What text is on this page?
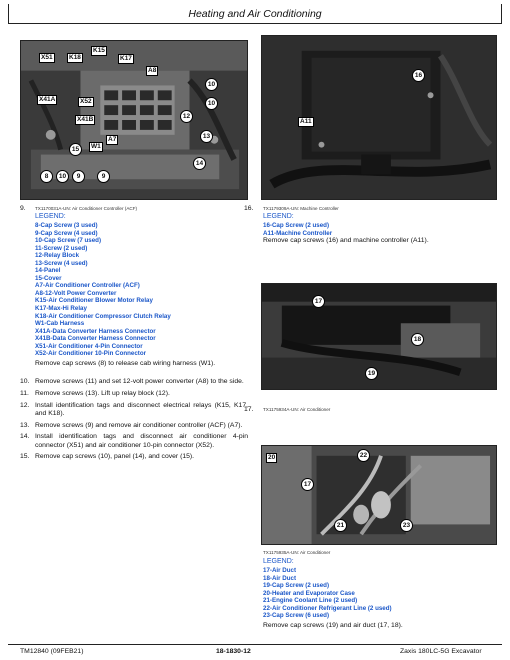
Heating and Air Conditioning
X51	K18
K15
K17
A8
X41A	X52
X41B
A7
W1
10
10
12
13
14
15
8	10	9	9
16
A11
17
18
19
20
17
22
21	23
9. TX1170031A-UN: Air Conditioner Controller (ACF)
LEGEND:
8-Cap Screw (3 used)
9-Cap Screw (4 used)
10-Cap Screw (7 used)
11-Screw (2 used)
12-Relay Block
13-Screw (4 used)
14-Panel
15-Cover
A7-Air Conditioner Controller (ACF)
A8-12-Volt Power Converter
K15-Air Conditioner Blower Motor Relay
K17-Max-Hi Relay
K18-Air Conditioner Compressor Clutch Relay
W1-Cab Harness
X41A-Data Converter Harness Connector
X41B-Data Converter Harness Connector
X51-Air Conditioner 4-Pin Connector
X52-Air Conditioner 10-Pin Connector
Remove cap screws (8) to release cab wiring harness (W1).
10. Remove screws (11) and set 12-volt power converter (A8) to the side.
11. Remove screws (13). Lift up relay block (12).
12. Install identification tags and disconnect electrical relays (K15, K17, and K18).
13. Remove screws (9) and remove air conditioner controller (ACF) (A7).
14. Install identification tags and disconnect air conditioner 4-pin connector (X51) and air conditioner 10-pin connector (X52).
15. Remove cap screws (10), panel (14), and cover (15).
16. TX1179309A-UN: Machine Controller
LEGEND:
16-Cap Screw (2 used)
A11-Machine Controller
Remove cap screws (16) and machine controller (A11).
17. TX1175934A-UN: Air Conditioner
TX1175935A-UN: Air Conditioner
LEGEND:
17-Air Duct
18-Air Duct
19-Cap Screw (2 used)
20-Heater and Evaporator Case
21-Engine Coolant Line (2 used)
22-Air Conditioner Refrigerant Line (2 used)
23-Cap Screw (6 used)
Remove cap screws (19) and air duct (17, 18).
TM12840 (09FEB21)	18-1830-12	Zaxis 180LC-5G Excavator
